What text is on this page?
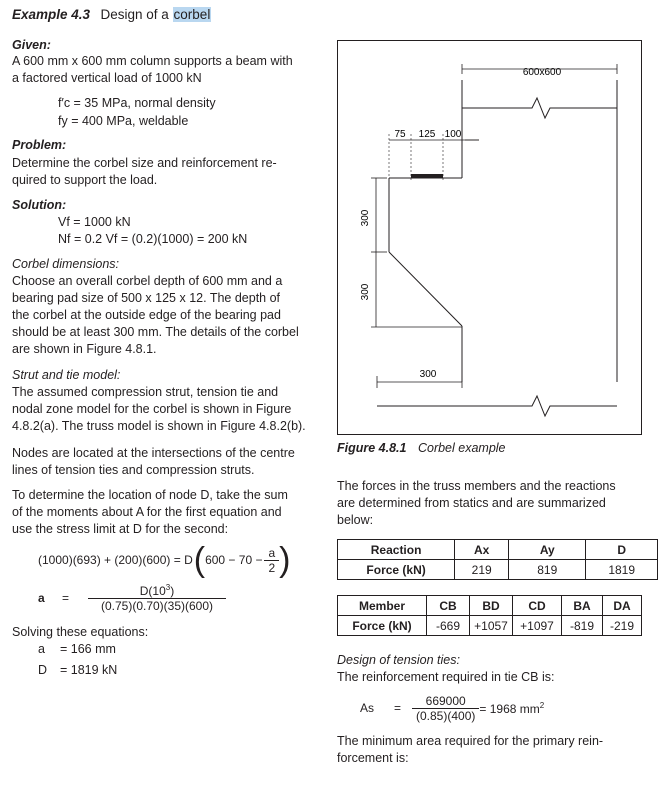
Example 4.3 Design of a corbel
Given:
A 600 mm x 600 mm column supports a beam with
a factored vertical load of 1000 kN
f′c = 35 MPa, normal density
fy = 400 MPa, weldable
Problem:
Determine the corbel size and reinforcement re-
quired to support the load.
Solution:
Vf = 1000 kN
Nf = 0.2 Vf = (0.2)(1000) = 200 kN
Corbel dimensions:
Choose an overall corbel depth of 600 mm and a
bearing pad size of 500 x 125 x 12. The depth of
the corbel at the outside edge of the bearing pad
should be at least 300 mm. The details of the corbel
are shown in Figure 4.8.1.
Strut and tie model:
The assumed compression strut, tension tie and
nodal zone model for the corbel is shown in Figure
4.8.2(a). The truss model is shown in Figure 4.8.2(b).
Nodes are located at the intersections of the centre
lines of tension ties and compression struts.
To determine the location of node D, take the sum
of the moments about A for the first equation and
use the stress limit at D for the second:
(1000)(693) + (200)(600) = D ( $600 - 70 - \frac{a}{2}$ )
a	=	$\frac{D(10^3)}{(0.75)(0.70)(35)(600)}$
Solving these equations:
a = 166 mm
D = 1819 kN
600x600
75 125 100
300
300
300
Figure 4.8.1 Corbel example
The forces in the truss members and the reactions
are determined from statics and are summarized
below:
Reaction	Ax	Ay	D
Force (kN)	219	819	1819
Member	CB	BD	CD	BA	DA
Force (kN)	-669	+1057	+1097	-819	-219
Design of tension ties:
The reinforcement required in tie CB is:
As	= $\frac{669000}{(0.85)(400)} = 1968$ $mm^2$
The minimum area required for the primary rein-
forcement is:
